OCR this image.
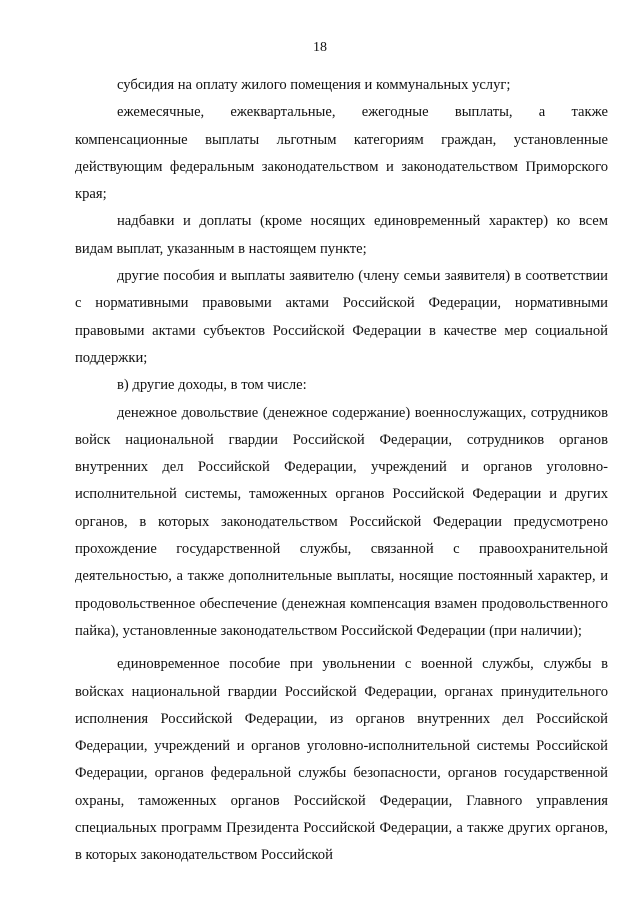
18

субсидия на оплату жилого помещения и коммунальных услуг;

ежемесячные, ежеквартальные, ежегодные выплаты, а также компенсационные выплаты льготным категориям граждан, установленные действующим федеральным законодательством и законодательством Приморского края;

надбавки и доплаты (кроме носящих единовременный характер) ко всем видам выплат, указанным в настоящем пункте;

другие пособия и выплаты заявителю (члену семьи заявителя) в соответствии с нормативными правовыми актами Российской Федерации, нормативными правовыми актами субъектов Российской Федерации в качестве мер социальной поддержки;

в) другие доходы, в том числе:

денежное довольствие (денежное содержание) военнослужащих, сотрудников войск национальной гвардии Российской Федерации, сотрудников органов внутренних дел Российской Федерации, учреждений и органов уголовно-исполнительной системы, таможенных органов Российской Федерации и других органов, в которых законодательством Российской Федерации предусмотрено прохождение государственной службы, связанной с правоохранительной деятельностью, а также дополнительные выплаты, носящие постоянный характер, и продовольственное обеспечение (денежная компенсация взамен продовольственного пайка), установленные законодательством Российской Федерации (при наличии);

единовременное пособие при увольнении с военной службы, службы в войсках национальной гвардии Российской Федерации, органах принудительного исполнения Российской Федерации, из органов внутренних дел Российской Федерации, учреждений и органов уголовно-исполнительной системы Российской Федерации, органов федеральной службы безопасности, органов государственной охраны, таможенных органов Российской Федерации, Главного управления специальных программ Президента Российской Федерации, а также других органов, в которых законодательством Российской
